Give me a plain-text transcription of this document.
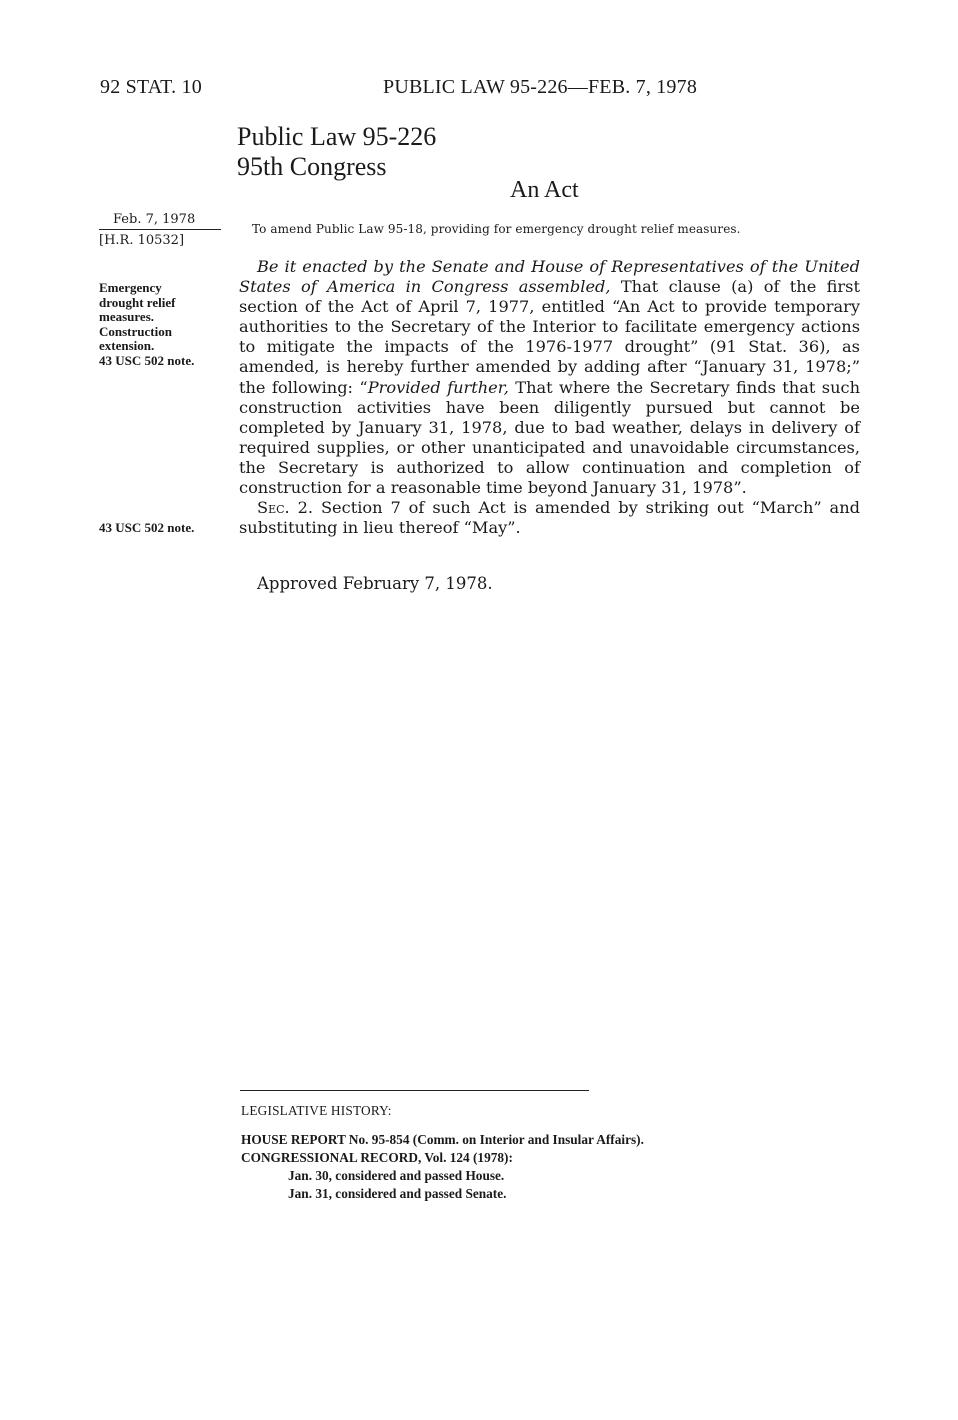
92 STAT. 10	PUBLIC LAW 95-226—FEB. 7, 1978
Public Law 95-226
95th Congress
An Act
Feb. 7, 1978
[H.R. 10532]
To amend Public Law 95-18, providing for emergency drought relief measures.
Emergency
drought relief
measures.
Construction
extension.
43 USC 502 note.
43 USC 502 note.

Be it enacted by the Senate and House of Representatives of the United States of America in Congress assembled, That clause (a) of the first section of the Act of April 7, 1977, entitled “An Act to provide temporary authorities to the Secretary of the Interior to facilitate emergency actions to mitigate the impacts of the 1976-1977 drought” (91 Stat. 36), as amended, is hereby further amended by adding after “January 31, 1978;” the following: “Provided further, That where the Secretary finds that such construction activities have been diligently pursued but cannot be completed by January 31, 1978, due to bad weather, delays in delivery of required supplies, or other unanticipated and unavoidable circumstances, the Secretary is authorized to allow continuation and completion of construction for a reasonable time beyond January 31, 1978”.

Sec. 2. Section 7 of such Act is amended by striking out “March” and substituting in lieu thereof “May”.

Approved February 7, 1978.
LEGISLATIVE HISTORY:
HOUSE REPORT No. 95-854 (Comm. on Interior and Insular Affairs).
CONGRESSIONAL RECORD, Vol. 124 (1978):
Jan. 30, considered and passed House.
Jan. 31, considered and passed Senate.
